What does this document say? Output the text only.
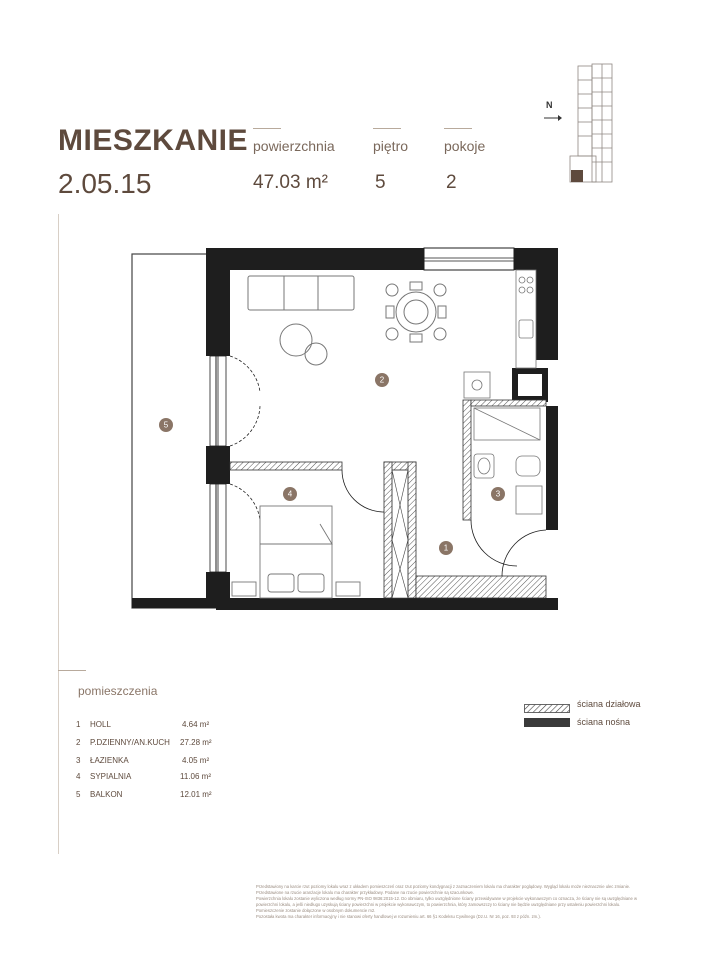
MIESZKANIE
2.05.15
powierzchnia
47.03 m²
piętro
5
pokoje
2
N
1
2
3
4
5
pomieszczenia
1 HOLL	4.64 m²
2 P.DZIENNY/AN.KUCH 27.28 m²
3 ŁAZIENKA	4.05 m²
4 SYPIALNIA	11.06 m²
5 BALKON	12.01 m²
ściana działowa
ściana nośna

Przedstawiony na karcie rzut poziomy lokalu wraz z układem pomieszczeń oraz rzut poziomy kondygnacji z zaznaczeniem lokalu ma charakter poglądowy. Wygląd lokalu może nieznacznie ulec zmianie.

Przedstawione na rzucie aranżacje lokalu ma charakter przykładowy. Podane na rzucie powierzchnie są szacunkowe.

Powierzchnia lokalu zostanie wyliczona według normy PN-ISO 9836:2015-12. Do obmiaru, tylko uwzględnione ściany przewidywane w projekcie wykonawczym co oznacza, że ściany nie są uwzględniane w powierzchni lokalu, a jeśli niedługo uzyskują ściany powierzchni w projekcie wykonawczym, to powierzchnia, który zamowszczy to ściany nie będzie uwzględniane przy ustaleniu powierzchni lokalu. Pomieszczenie zostanie dołączone w osobnym dokumencie m2.

Pozostała kwota ma charakter informacyjny i nie stanowi oferty handlowej w rozumieniu art. 66 §1 Kodeksu Cywilnego (Dz.U. Nr 16, poz. 93 z późn. zm.).
